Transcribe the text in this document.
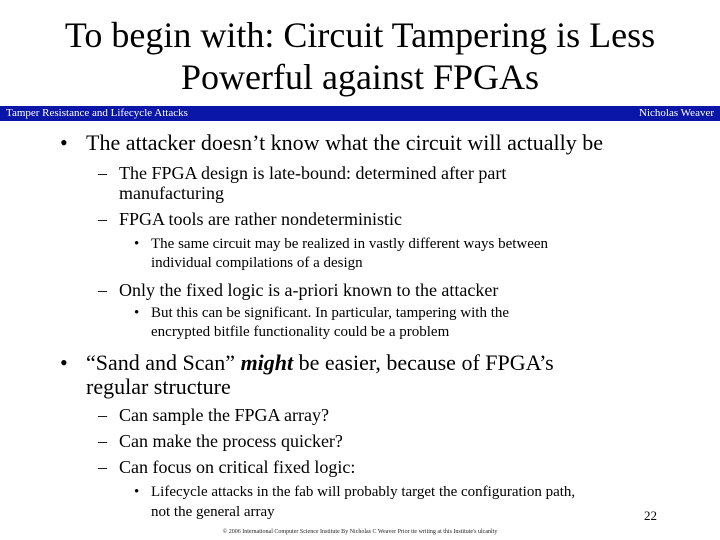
To begin with: Circuit Tampering is Less
Powerful against FPGAs
Tamper Resistance and Lifecycle Attacks	Nicholas Weaver
• The attacker doesn’t know what the circuit will actually be
– The FPGA design is late-bound: determined after part
manufacturing
– FPGA tools are rather nondeterministic
• The same circuit may be realized in vastly different ways between
individual compilations of a design
– Only the fixed logic is a-priori known to the attacker
• But this can be significant. In particular, tampering with the
encrypted bitfile functionality could be a problem
• “Sand and Scan” might be easier, because of FPGA’s
regular structure
– Can sample the FPGA array?
– Can make the process quicker?
– Can focus on critical fixed logic:
• Lifecycle attacks in the fab will probably target the configuration path,
not the general array	22
© 2006 International Computer Science Institute By Nicholas C Weaver Prior tte writing at this Institute's ulcanlty
